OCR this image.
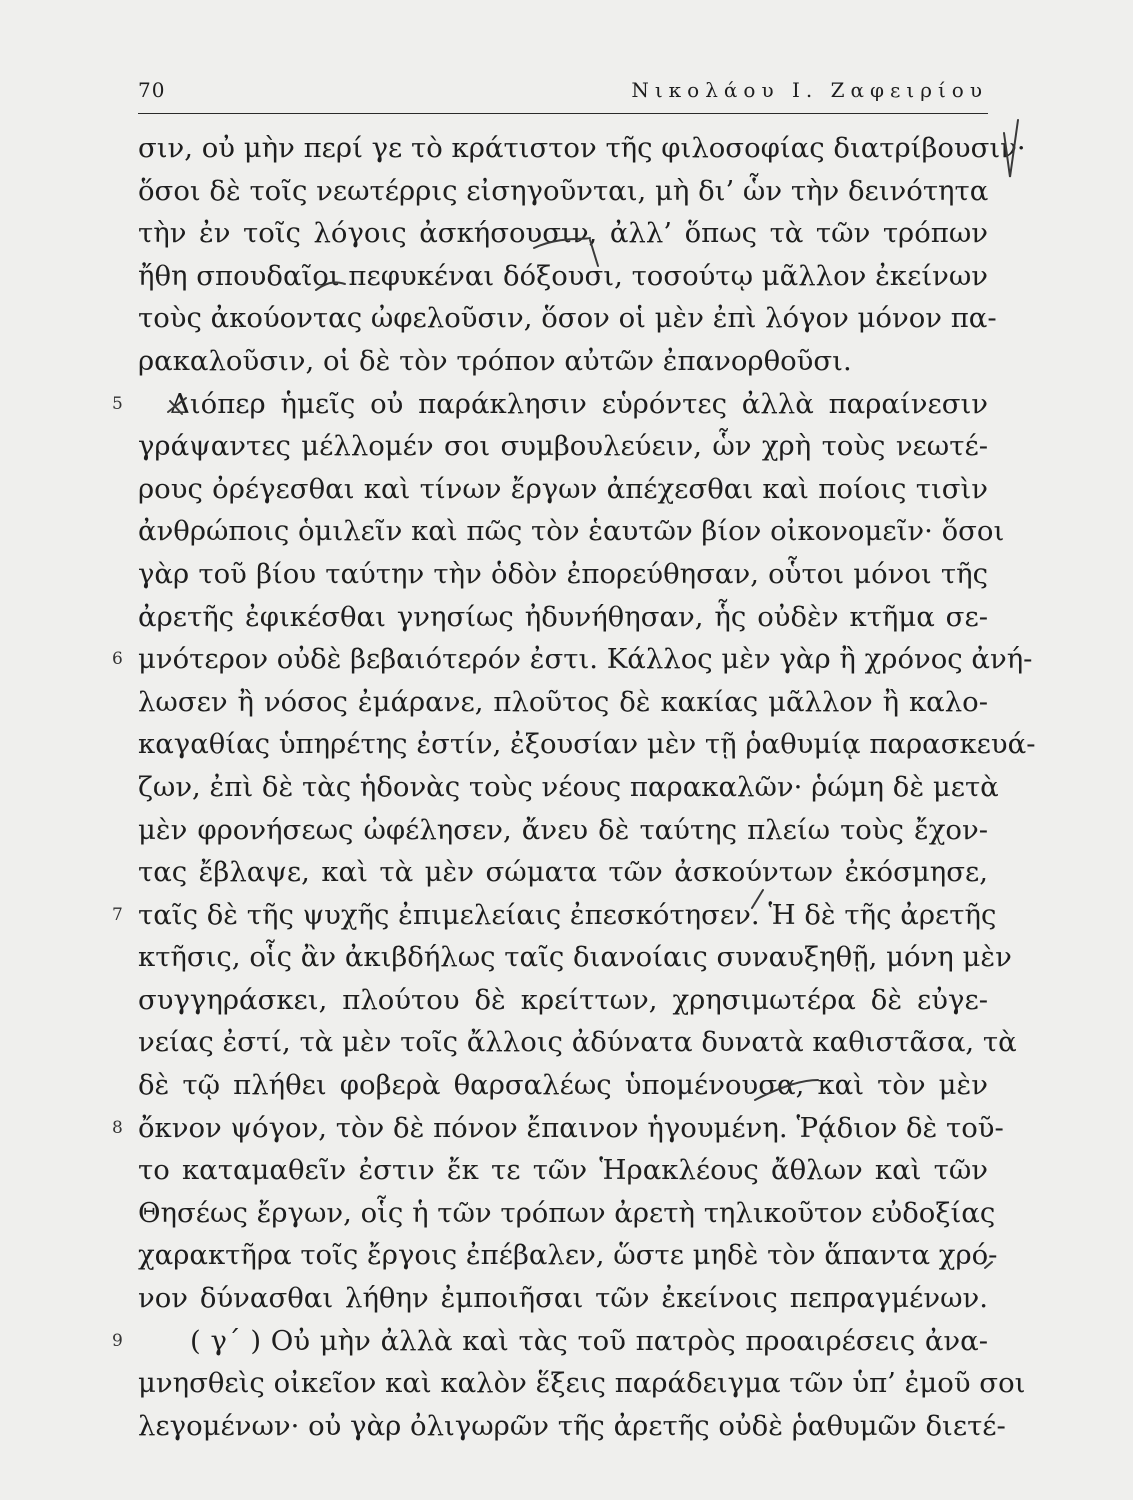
70	Νικολάου Ι. Ζαφειρίου
σιν, οὐ μὴν περί γε τὸ κράτιστον τῆς φιλοσοφίας διατρίβουσιν·
ὅσοι δὲ τοῖς νεωτέρρις εἰσηγοῦνται, μὴ δι’ ὧν τὴν δεινότητα
τὴν ἐν τοῖς λόγοις ἀσκήσουσιν, ἀλλ’ ὅπως τὰ τῶν τρόπων
ἤθη σπουδαῖοι πεφυκέναι δόξουσι, τοσούτῳ μᾶλλον ἐκείνων
τοὺς ἀκούοντας ὠφελοῦσιν, ὅσον οἱ μὲν ἐπὶ λόγον μόνον πα-
ρακαλοῦσιν, οἱ δὲ τὸν τρόπον αὐτῶν ἐπανορθοῦσι.
5 Διόπερ ἡμεῖς οὐ παράκλησιν εὑρόντες ἀλλὰ παραίνεσιν
γράψαντες μέλλομέν σοι συμβουλεύειν, ὧν χρὴ τοὺς νεωτέ-
ρους ὀρέγεσθαι καὶ τίνων ἔργων ἀπέχεσθαι καὶ ποίοις τισὶν
ἀνθρώποις ὁμιλεῖν καὶ πῶς τὸν ἑαυτῶν βίον οἰκονομεῖν· ὅσοι
γὰρ τοῦ βίου ταύτην τὴν ὁδὸν ἐπορεύθησαν, οὗτοι μόνοι τῆς
ἀρετῆς ἐφικέσθαι γνησίως ἠδυνήθησαν, ἧς οὐδὲν κτῆμα σε-
6 μνότερον οὐδὲ βεβαιότερόν ἐστι. Κάλλος μὲν γὰρ ἢ χρόνος ἀνή-
λωσεν ἢ νόσος ἐμάρανε, πλοῦτος δὲ κακίας μᾶλλον ἢ καλο-
καγαθίας ὑπηρέτης ἐστίν, ἐξουσίαν μὲν τῇ ῥαθυμίᾳ παρασκευά-
ζων, ἐπὶ δὲ τὰς ἡδονὰς τοὺς νέους παρακαλῶν· ῥώμη δὲ μετὰ
μὲν φρονήσεως ὠφέλησεν, ἄνευ δὲ ταύτης πλείω τοὺς ἔχον-
τας ἔβλαψε, καὶ τὰ μὲν σώματα τῶν ἀσκούντων ἐκόσμησε,
7 ταῖς δὲ τῆς ψυχῆς ἐπιμελείαις ἐπεσκότησεν. Ἡ δὲ τῆς ἀρετῆς
κτῆσις, οἷς ἂν ἀκιβδήλως ταῖς διανοίαις συναυξηθῇ, μόνη μὲν
συγγηράσκει, πλούτου δὲ κρείττων, χρησιμωτέρα δὲ εὐγε-
νείας ἐστί, τὰ μὲν τοῖς ἄλλοις ἀδύνατα δυνατὰ καθιστᾶσα, τὰ
δὲ τῷ πλήθει φοβερὰ θαρσαλέως ὑπομένουσα, καὶ τὸν μὲν
8 ὄκνον ψόγον, τὸν δὲ πόνον ἔπαινον ἡγουμένη. Ῥᾴδιον δὲ τοῦ-
το καταμαθεῖν ἐστιν ἔκ τε τῶν Ἡρακλέους ἄθλων καὶ τῶν
Θησέως ἔργων, οἷς ἡ τῶν τρόπων ἀρετὴ τηλικοῦτον εὐδοξίας
χαρακτῆρα τοῖς ἔργοις ἐπέβαλεν, ὥστε μηδὲ τὸν ἅπαντα χρό-
νον δύνασθαι λήθην ἐμποιῆσαι τῶν ἐκείνοις πεπραγμένων.
9 ( γ´ ) Οὐ μὴν ἀλλὰ καὶ τὰς τοῦ πατρὸς προαιρέσεις ἀνα-
μνησθεὶς οἰκεῖον καὶ καλὸν ἕξεις παράδειγμα τῶν ὑπ’ ἐμοῦ σοι
λεγομένων· οὐ γὰρ ὀλιγωρῶν τῆς ἀρετῆς οὐδὲ ῥαθυμῶν διετέ-
